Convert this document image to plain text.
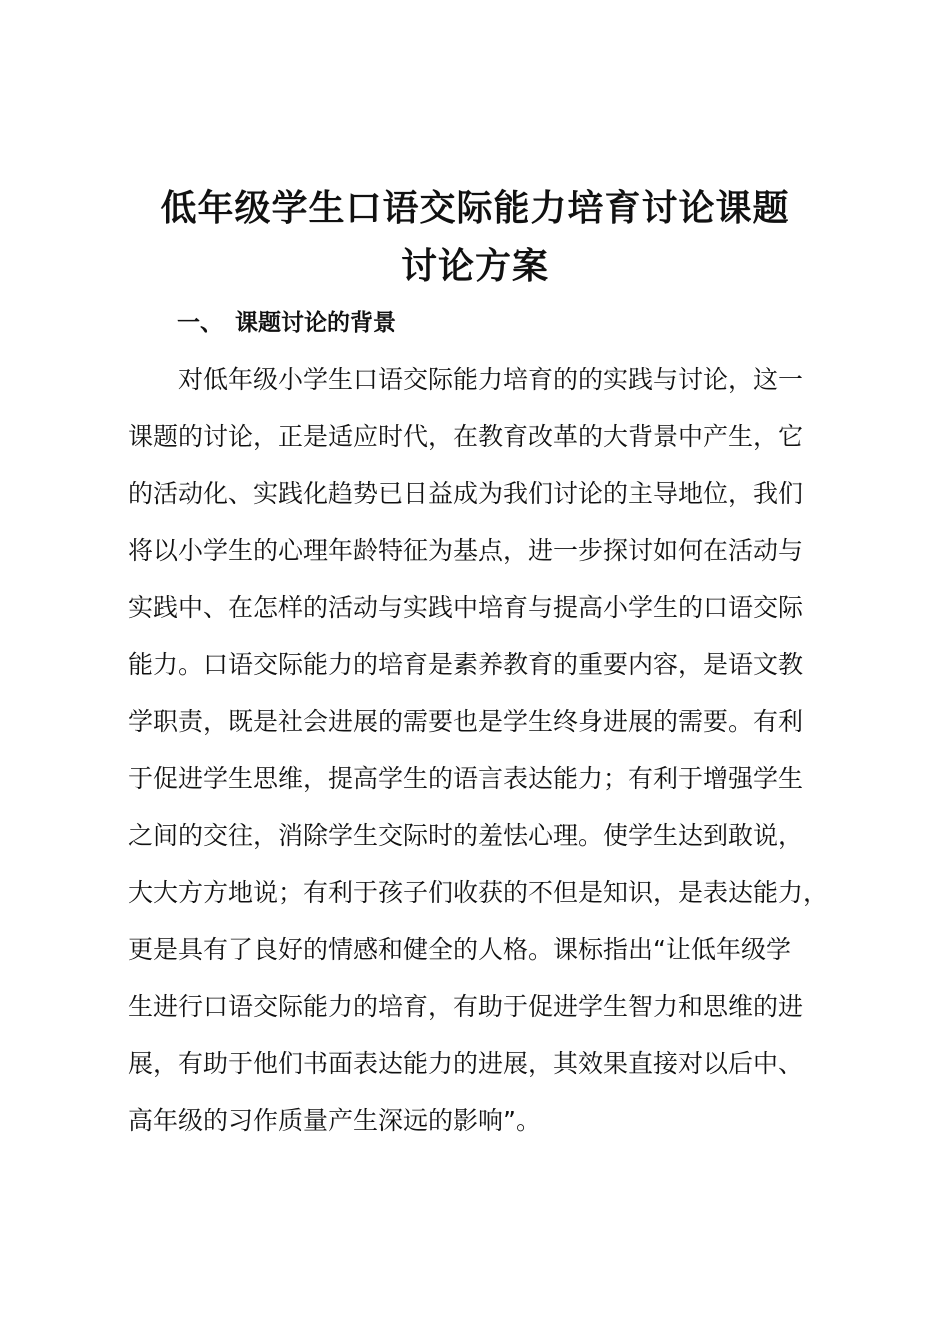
低年级学生口语交际能力培育讨论课题
讨论方案
一、 课题讨论的背景
　　对低年级小学生口语交际能力培育的的实践与讨论，这一
课题的讨论，正是适应时代，在教育改革的大背景中产生，它
的活动化、实践化趋势已日益成为我们讨论的主导地位，我们
将以小学生的心理年龄特征为基点，进一步探讨如何在活动与
实践中、在怎样的活动与实践中培育与提高小学生的口语交际
能力。口语交际能力的培育是素养教育的重要内容，是语文教
学职责，既是社会进展的需要也是学生终身进展的需要。有利
于促进学生思维，提高学生的语言表达能力；有利于增强学生
之间的交往，消除学生交际时的羞怯心理。使学生达到敢说，
大大方方地说；有利于孩子们收获的不但是知识，是表达能力，
更是具有了良好的情感和健全的人格。课标指出“让低年级学
生进行口语交际能力的培育，有助于促进学生智力和思维的进
展，有助于他们书面表达能力的进展，其效果直接对以后中、
高年级的习作质量产生深远的影响”。
